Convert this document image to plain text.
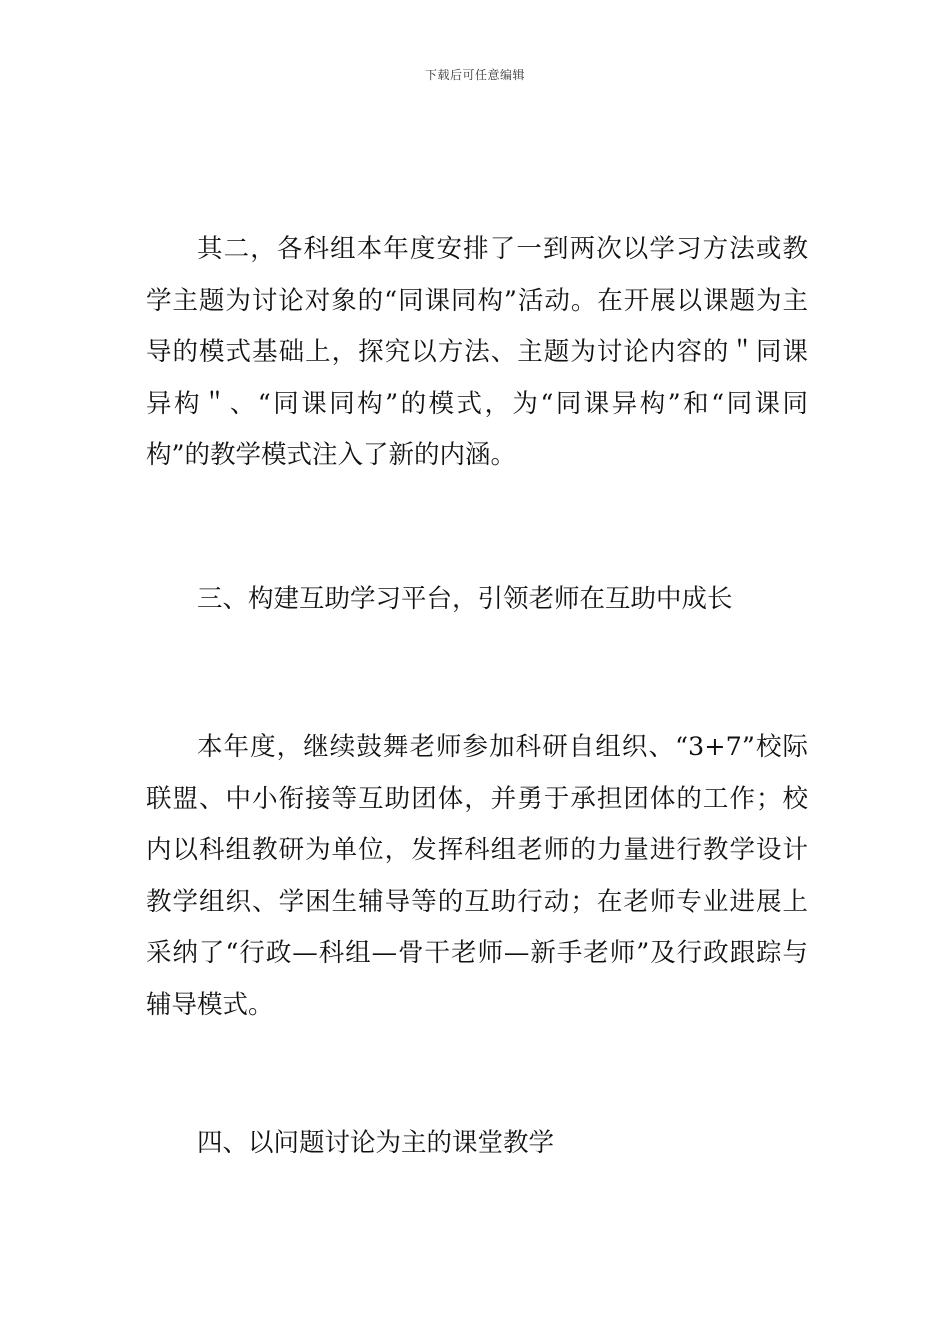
下载后可任意编辑

其二，各科组本年度安排了一到两次以学习方法或教学主题为讨论对象的“同课同构”活动。在开展以课题为主导的模式基础上，探究以方法、主题为讨论内容的＂同课异构＂、“同课同构”的模式，为“同课异构”和“同课同构”的教学模式注入了新的内涵。

三、构建互助学习平台，引领老师在互助中成长

本年度，继续鼓舞老师参加科研自组织、“3+7”校际联盟、中小衔接等互助团体，并勇于承担团体的工作；校内以科组教研为单位，发挥科组老师的力量进行教学设计教学组织、学困生辅导等的互助行动；在老师专业进展上采纳了“行政—科组—骨干老师—新手老师”及行政跟踪与辅导模式。

四、以问题讨论为主的课堂教学
